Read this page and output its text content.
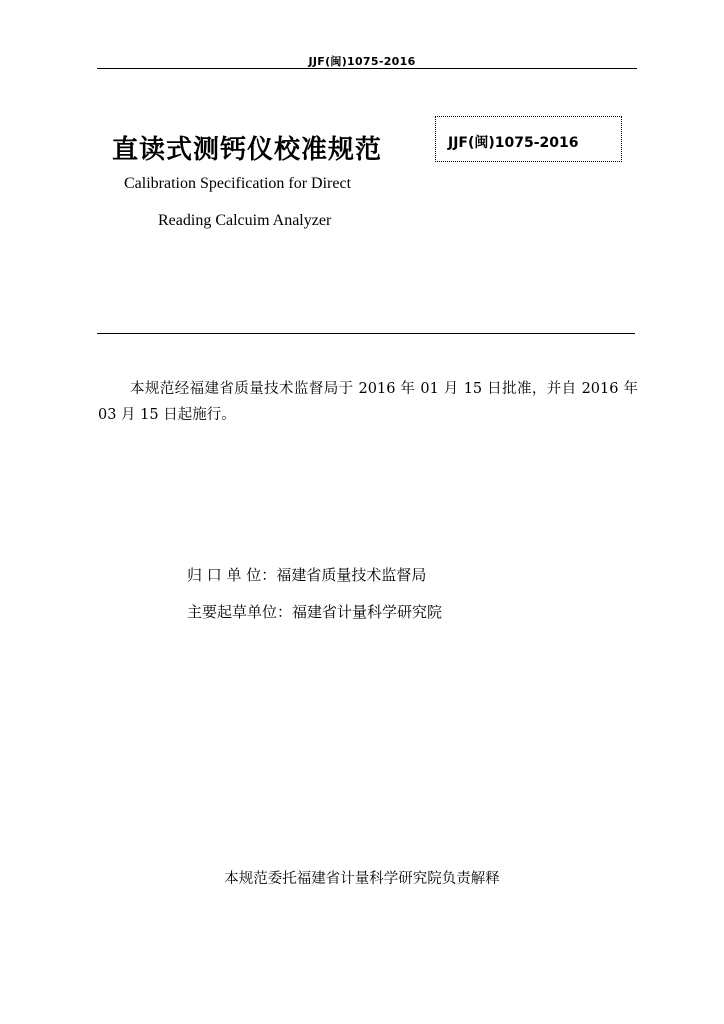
JJF(闽)1075-2016
直读式测钙仪校准规范	JJF(闽)1075-2016
Calibration Specification for Direct
Reading Calcuim Analyzer
本规范经福建省质量技术监督局于 2016 年 01 月 15 日批准，并自 2016 年 03 月 15 日起施行。
归 口 单 位：福建省质量技术监督局
主要起草单位：福建省计量科学研究院
本规范委托福建省计量科学研究院负责解释
